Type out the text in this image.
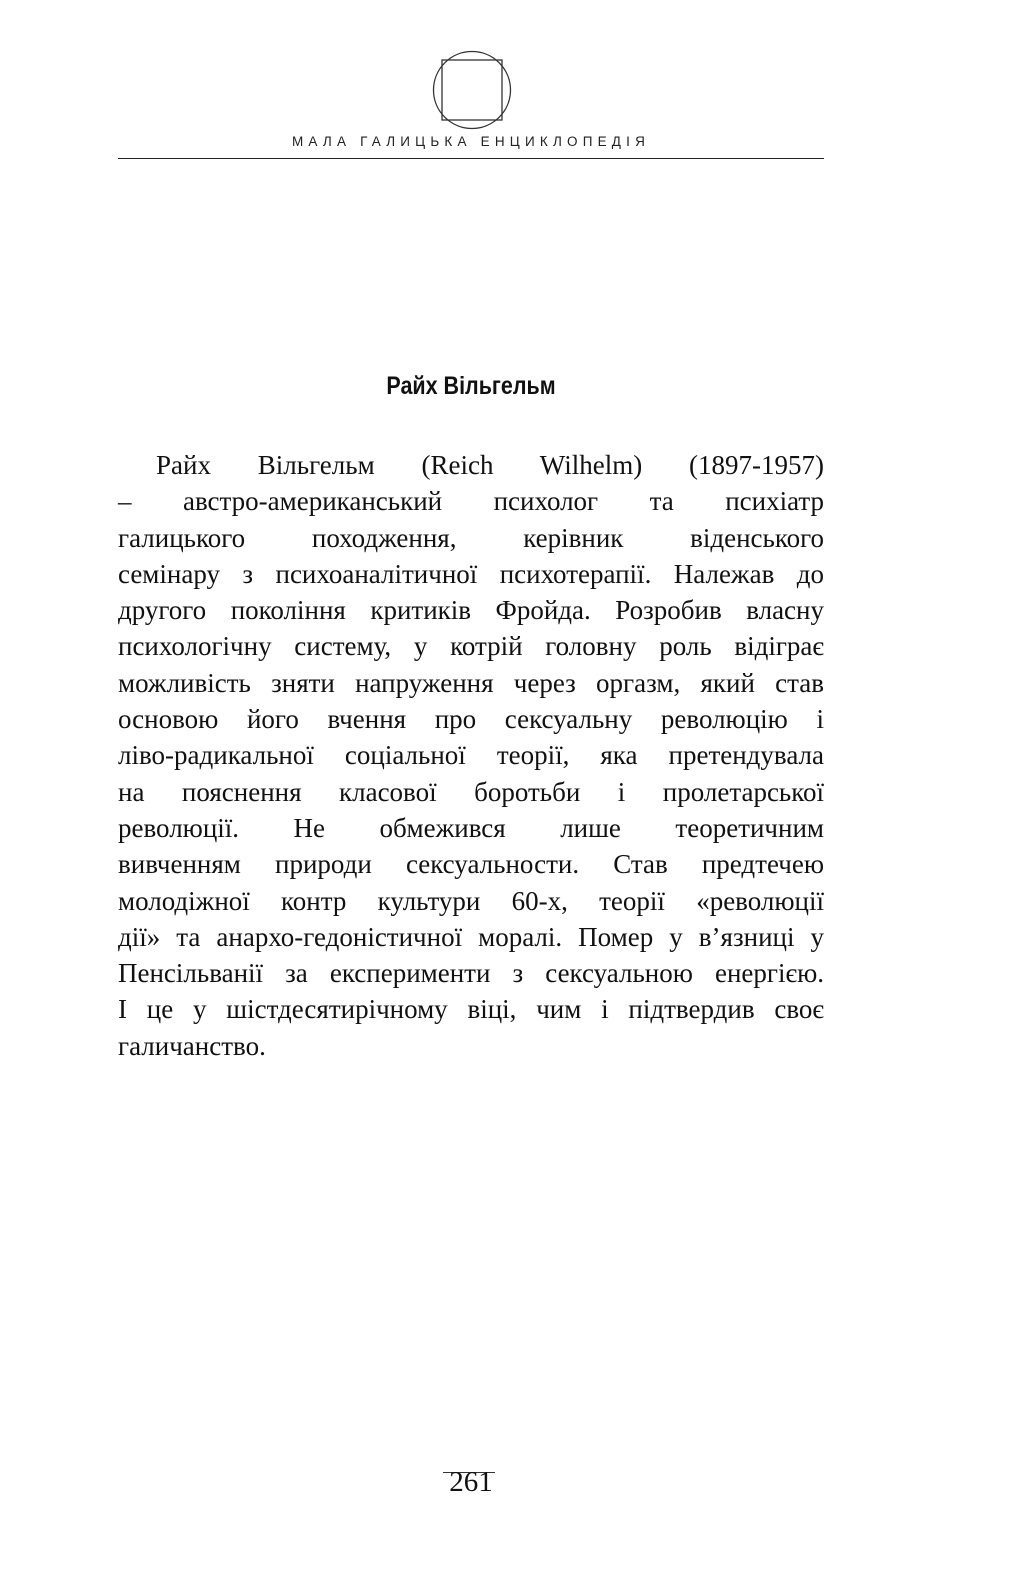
МАЛА ГАЛИЦЬКА ЕНЦИКЛОПЕДІЯ
Райх Вільгельм
Райх Вільгельм (Reich Wilhelm) (1897-1957)
– австро-американський психолог та психіатр
галицького походження, керівник віденського
семінару з психоаналітичної психотерапії. Належав до
другого покоління критиків Фройда. Розробив власну
психологічну систему, у котрій головну роль відіграє
можливість зняти напруження через оргазм, який став
основою його вчення про сексуальну революцію і
ліво-радикальної соціальної теорії, яка претендувала
на пояснення класової боротьби і пролетарської
революції. Не обмежився лише теоретичним
вивченням природи сексуальности. Став предтечею
молодіжної контр культури 60-х, теорії «революції
дії» та анархо-гедоністичної моралі. Помер у в’язниці у
Пенсільванії за експерименти з сексуальною енергією.
І це у шістдесятирічному віці, чим і підтвердив своє
галичанство.
261
